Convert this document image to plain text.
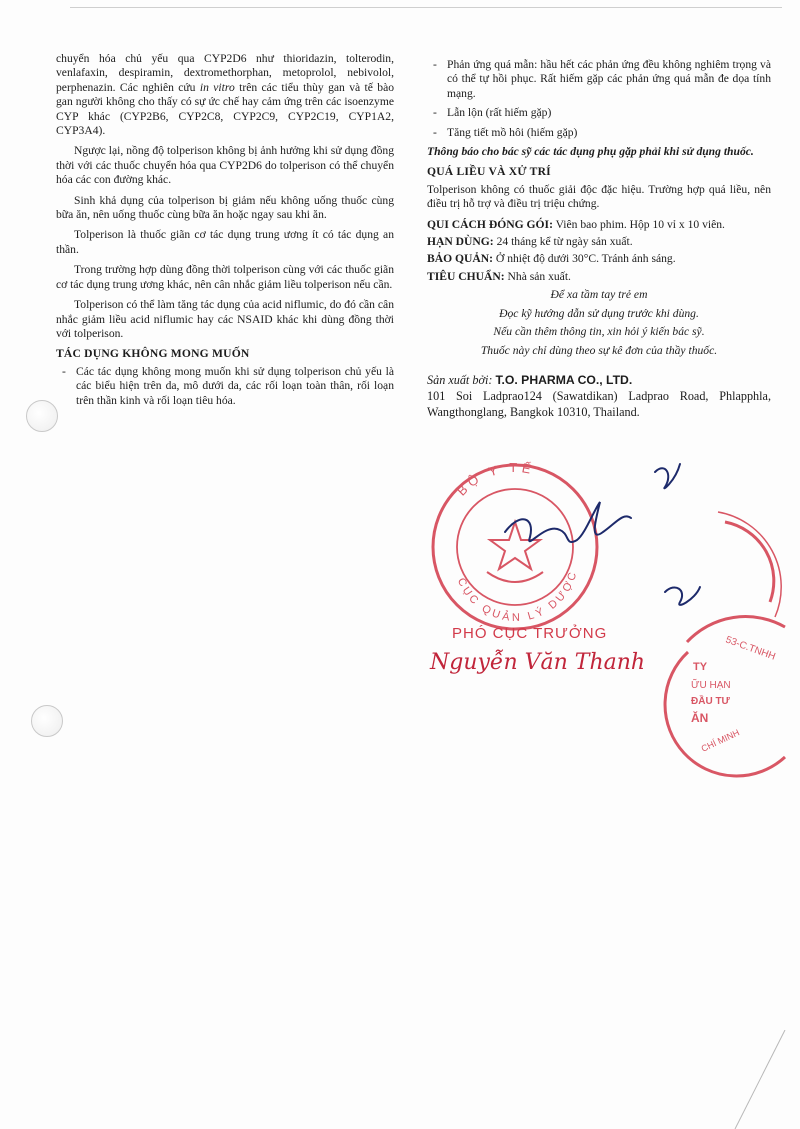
chuyển hóa chủ yếu qua CYP2D6 như thioridazin, tolterodin, venlafaxin, despiramin, dextromethorphan, metoprolol, nebivolol, perphenazin. Các nghiên cứu in vitro trên các tiểu thùy gan và tế bào gan người không cho thấy có sự ức chế hay cảm ứng trên các isoenzyme CYP khác (CYP2B6, CYP2C8, CYP2C9, CYP2C19, CYP1A2, CYP3A4).

Ngược lại, nồng độ tolperison không bị ảnh hưởng khi sử dụng đồng thời với các thuốc chuyển hóa qua CYP2D6 do tolperison có thể chuyển hóa các con đường khác.

Sinh khả dụng của tolperison bị giảm nếu không uống thuốc cùng bữa ăn, nên uống thuốc cùng bữa ăn hoặc ngay sau khi ăn.

Tolperison là thuốc giãn cơ tác dụng trung ương ít có tác dụng an thần.

Trong trường hợp dùng đồng thời tolperison cùng với các thuốc giãn cơ tác dụng trung ương khác, nên cân nhắc giảm liều tolperison nếu cần.

Tolperison có thể làm tăng tác dụng của acid niflumic, do đó cần cân nhắc giảm liều acid niflumic hay các NSAID khác khi dùng đồng thời với tolperison.

TÁC DỤNG KHÔNG MONG MUỐN
- Các tác dụng không mong muốn khi sử dụng tolperison chủ yếu là các biểu hiện trên da, mô dưới da, các rối loạn toàn thân, rối loạn trên thần kinh và rối loạn tiêu hóa.
- Phản ứng quá mẫn: hầu hết các phản ứng đều không nghiêm trọng và có thể tự hồi phục. Rất hiếm gặp các phản ứng quá mẫn đe dọa tính mạng.
- Lẫn lộn (rất hiếm gặp)
- Tăng tiết mồ hôi (hiếm gặp)

Thông báo cho bác sỹ các tác dụng phụ gặp phải khi sử dụng thuốc.

QUÁ LIỀU VÀ XỬ TRÍ

Tolperison không có thuốc giải độc đặc hiệu. Trường hợp quá liều, nên điều trị hỗ trợ và điều trị triệu chứng.

QUI CÁCH ĐÓNG GÓI: Viên bao phim. Hộp 10 vỉ x 10 viên.

HẠN DÙNG: 24 tháng kể từ ngày sản xuất.

BẢO QUẢN: Ở nhiệt độ dưới 30°C. Tránh ánh sáng.

TIÊU CHUẨN: Nhà sản xuất.

Để xa tầm tay trẻ em
Đọc kỹ hướng dẫn sử dụng trước khi dùng.
Nếu cần thêm thông tin, xin hỏi ý kiến bác sỹ.
Thuốc này chỉ dùng theo sự kê đơn của thầy thuốc.
Sản xuất bởi: T.O. PHARMA CO., LTD.
101 Soi Ladprao124 (Sawatdikan) Ladprao Road, Phlapphla, Wangthonglang, Bangkok 10310, Thailand.
BỘ Y TẾ
CỤC QUẢN LÝ DƯỢC
53-C.TNHH
TY
ỮU HẠN
ĐẦU TƯ
ĂN
CHÍ MINH
PHÓ CỤC TRƯỞNG
Nguyễn Văn Thanh
